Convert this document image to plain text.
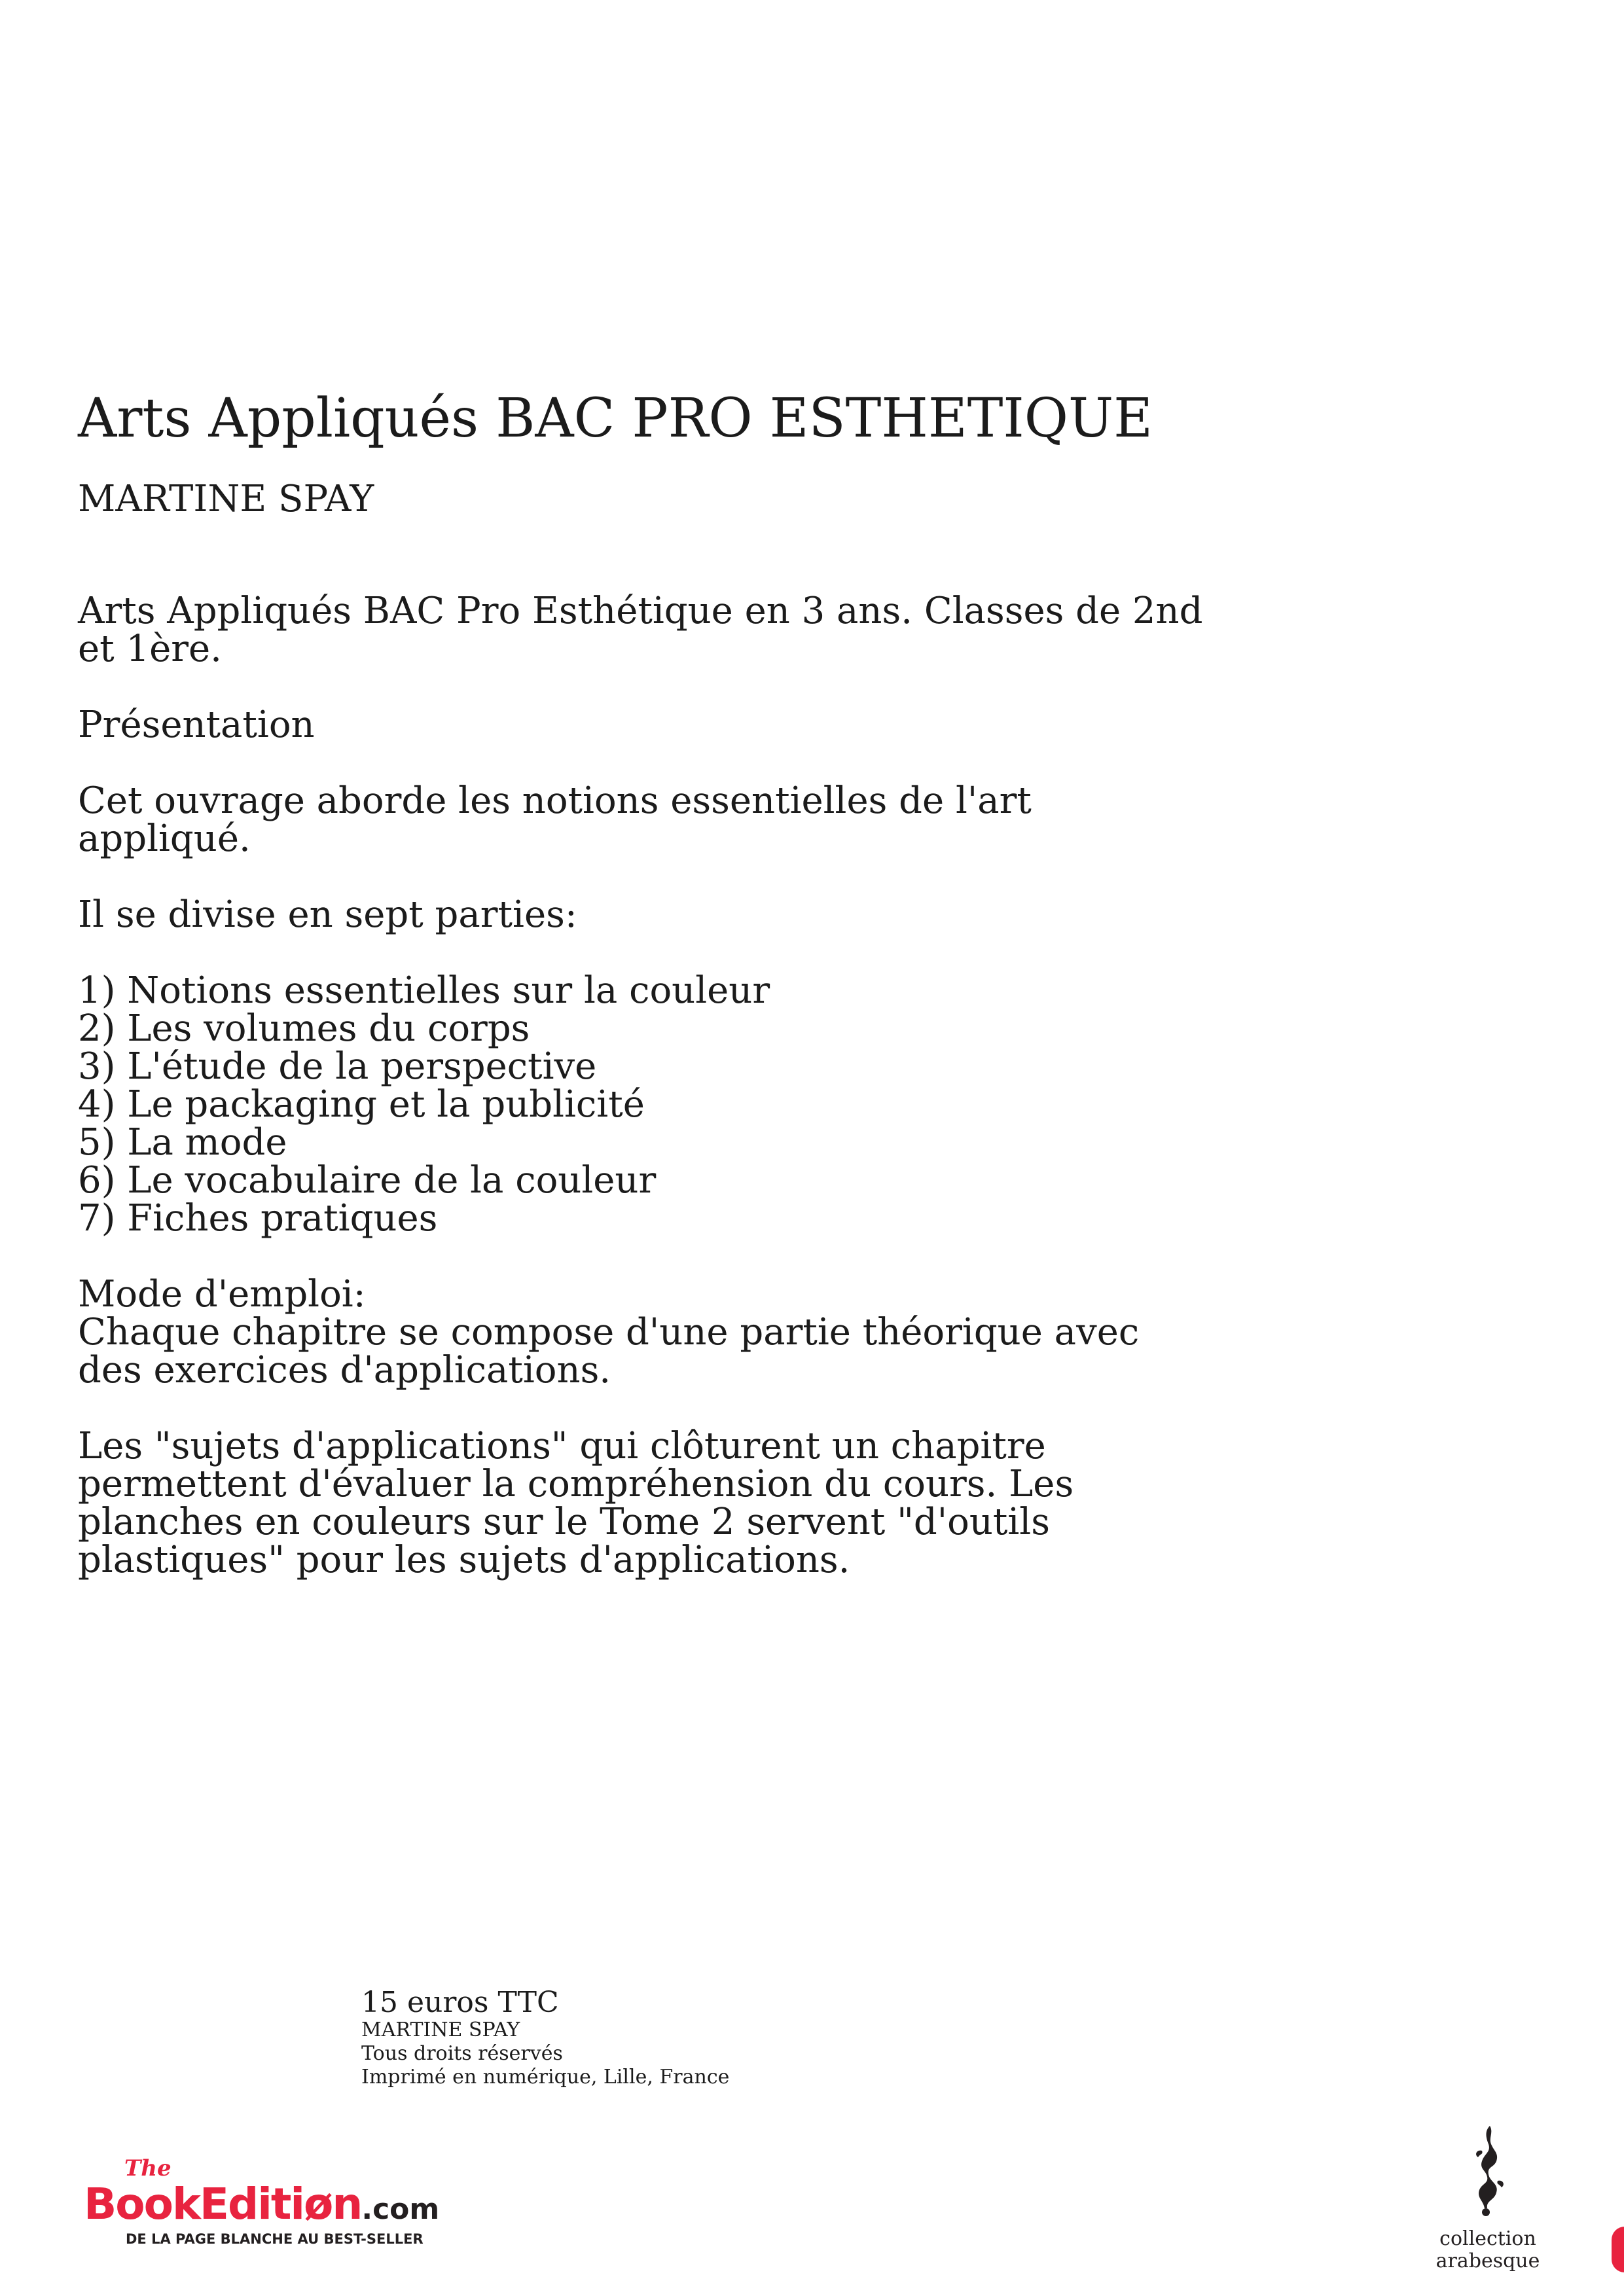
Arts Appliqués BAC PRO ESTHETIQUE
MARTINE SPAY

Arts Appliqués BAC Pro Esthétique en 3 ans. Classes de 2nd et 1ère.

Présentation

Cet ouvrage aborde les notions essentielles de l'art appliqué.

Il se divise en sept parties:

1) Notions essentielles sur la couleur
2) Les volumes du corps
3) L'étude de la perspective
4) Le packaging et la publicité
5) La mode
6) Le vocabulaire de la couleur
7) Fiches pratiques

Mode d'emploi:
Chaque chapitre se compose d'une partie théorique avec des exercices d'applications.

Les "sujets d'applications" qui clôturent un chapitre permettent d'évaluer la compréhension du cours. Les planches en couleurs sur le Tome 2 servent "d'outils plastiques" pour les sujets d'applications.

15 euros TTC
MARTINE SPAY
Tous droits réservés
Imprimé en numérique, Lille, France
The
BookEditiøn.com
DE LA PAGE BLANCHE AU BEST-SELLER	collection
arabesque
